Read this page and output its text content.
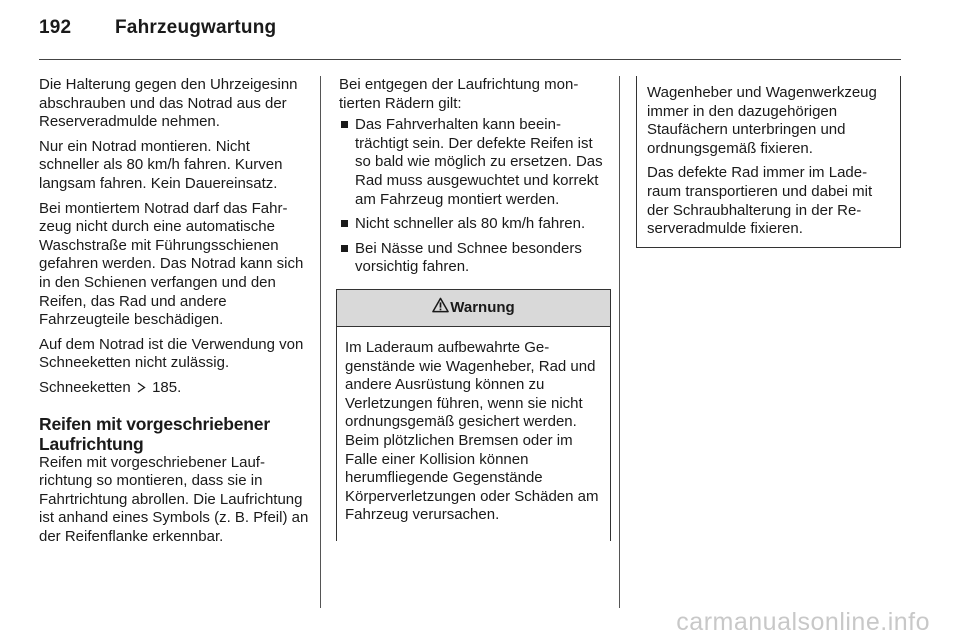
192 Fahrzeugwartung

Die Halterung gegen den Uhrzeigesinn abschrauben und das Notrad aus der Reserveradmulde nehmen.

Nur ein Notrad montieren. Nicht schneller als 80 km/h fahren. Kurven langsam fahren. Kein Dauereinsatz.

Bei montiertem Notrad darf das Fahrzeug nicht durch eine automatische Waschstraße mit Führungsschienen gefahren werden. Das Notrad kann sich in den Schienen verfangen und den Reifen, das Rad und andere Fahrzeugteile beschädigen.

Auf dem Notrad ist die Verwendung von Schneeketten nicht zulässig.

Schneeketten 185.

Reifen mit vorgeschriebener Laufrichtung

Reifen mit vorgeschriebener Laufrichtung so montieren, dass sie in Fahrtrichtung abrollen. Die Laufrichtung ist anhand eines Symbols (z. B. Pfeil) an der Reifenflanke erkennbar.

Bei entgegen der Laufrichtung montierten Rädern gilt:

Das Fahrverhalten kann beeinträchtigt sein. Der defekte Reifen ist so bald wie möglich zu ersetzen. Das Rad muss ausgewuchtet und korrekt am Fahrzeug montiert werden.
Nicht schneller als 80 km/h fahren.
Bei Nässe und Schnee besonders vorsichtig fahren.
Warnung
Im Laderaum aufbewahrte Gegenstände wie Wagenheber, Rad und andere Ausrüstung können zu Verletzungen führen, wenn sie nicht ordnungsgemäß gesichert werden. Beim plötzlichen Bremsen oder im Falle einer Kollision können herumfliegende Gegenstände Körperverletzungen oder Schäden am Fahrzeug verursachen.

Wagenheber und Wagenwerkzeug immer in den dazugehörigen Staufächern unterbringen und ordnungsgemäß fixieren.

Das defekte Rad immer im Laderaum transportieren und dabei mit der Schraubhalterung in der Reserveradmulde fixieren.

carmanualsonline.info
